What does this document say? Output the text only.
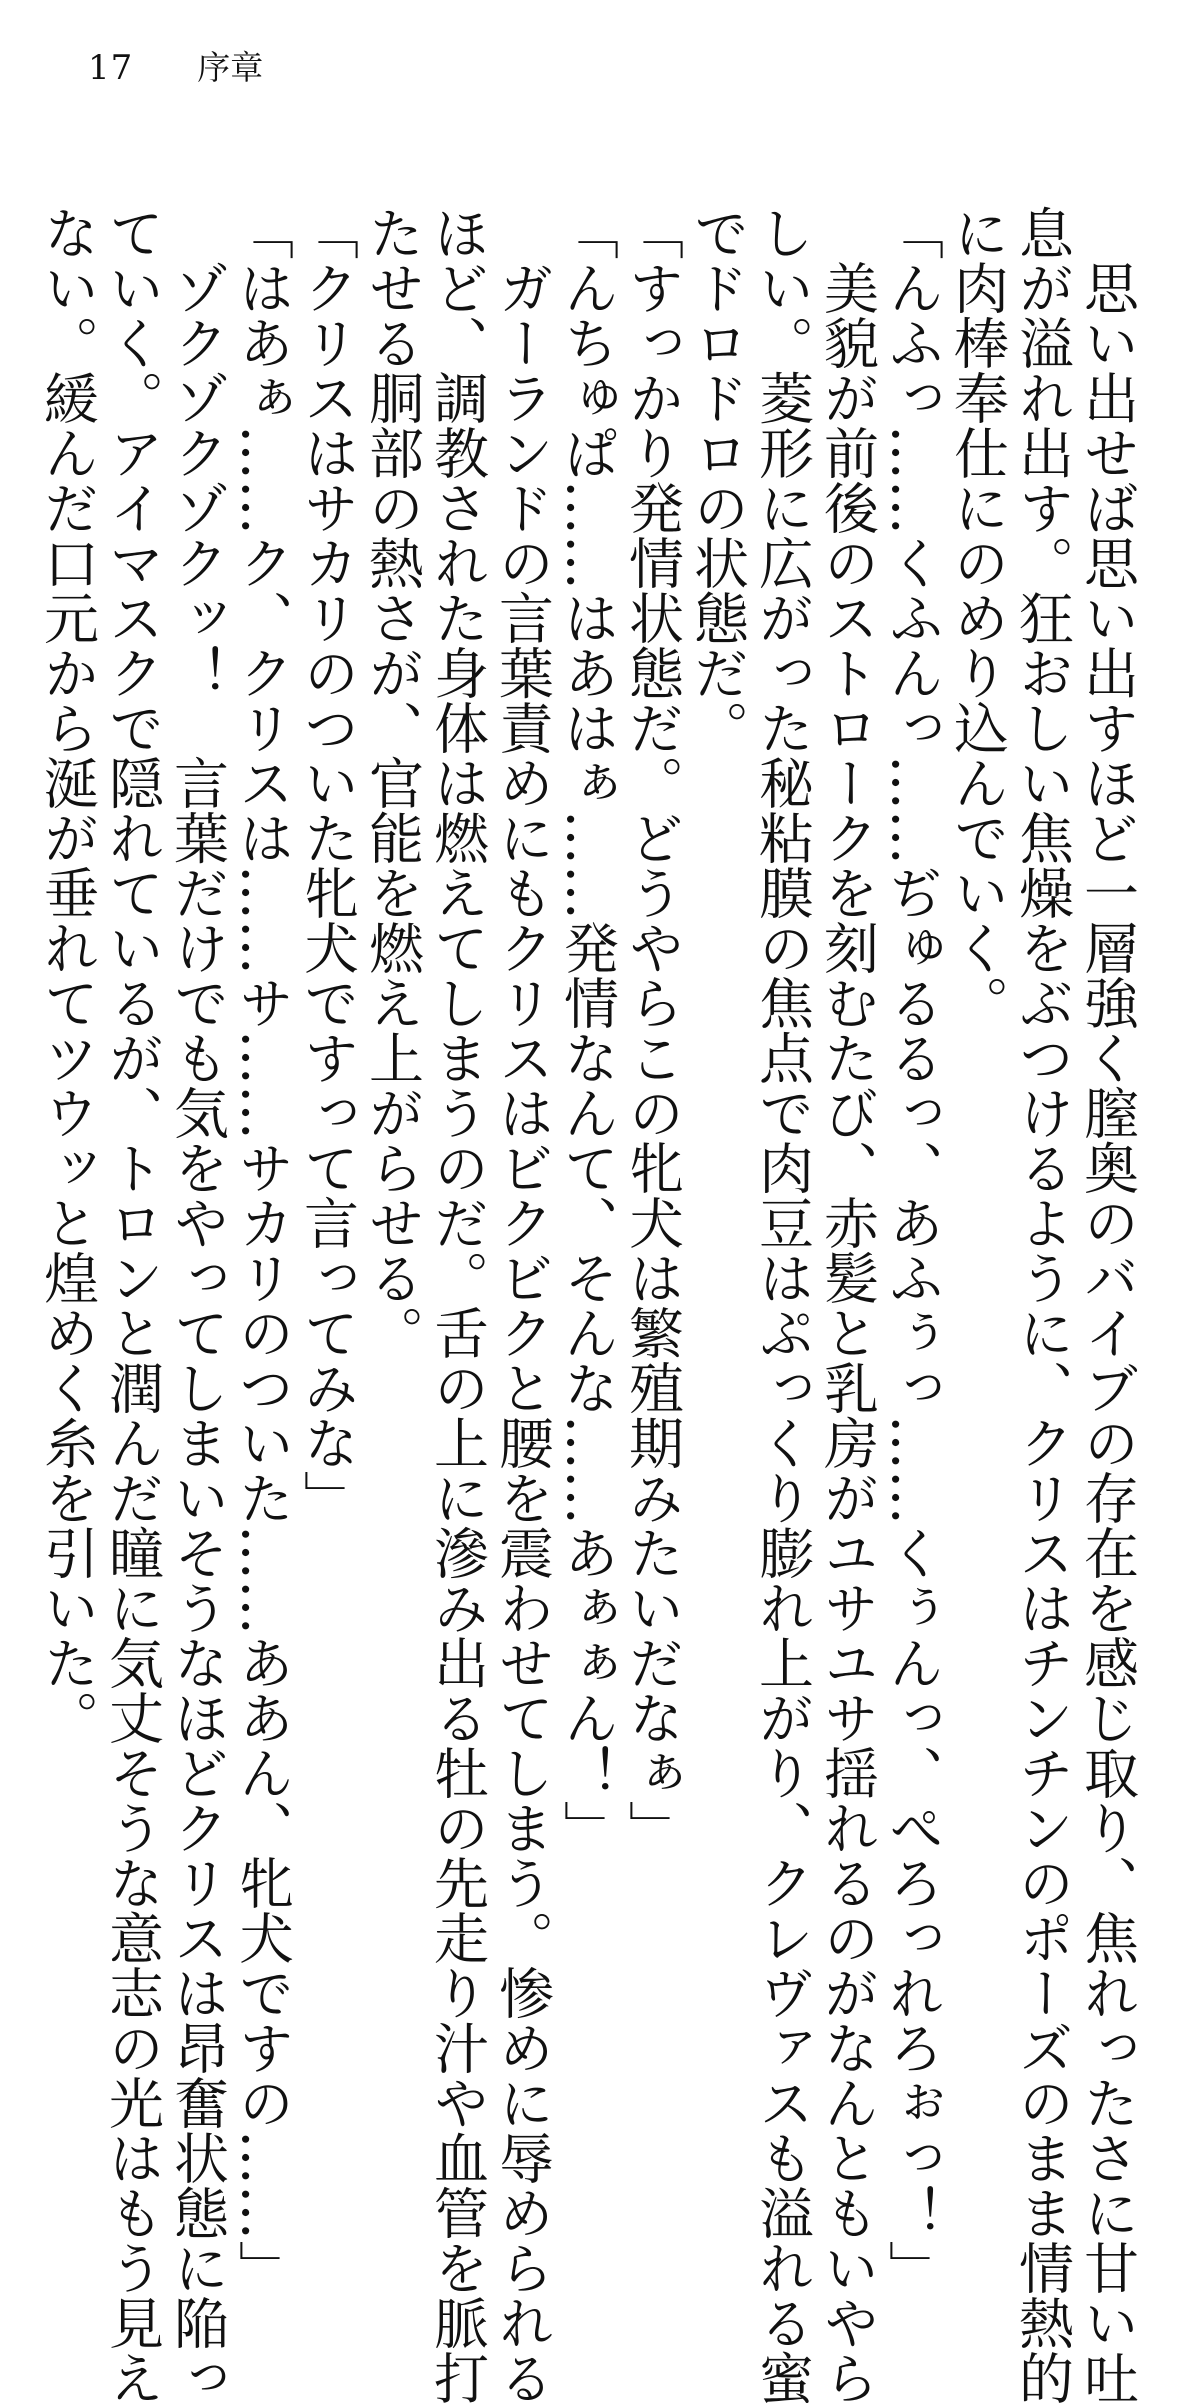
17 序章
　思い出せば思い出すほど一層強く膣奥のバイブの存在を感じ取り、焦れったさに甘い吐
息が溢れ出す。狂おしい焦燥をぶつけるように、クリスはチンチンのポーズのまま情熱的
に肉棒奉仕にのめり込んでいく。
「んふっ……くふんっ……ぢゅるるっ、あふぅっ……くぅんっ、ぺろっれろぉっ！」
　美貌が前後のストロークを刻むたび、赤髪と乳房がユサユサ揺れるのがなんともいやら
しい。菱形に広がった秘粘膜の焦点で肉豆はぷっくり膨れ上がり、クレヴァスも溢れる蜜
でドロドロの状態だ。
「すっかり発情状態だ。どうやらこの牝犬は繁殖期みたいだなぁ」
「んちゅぱ……はあはぁ……発情なんて、そんな……あぁぁん！」
　ガーランドの言葉責めにもクリスはビクビクと腰を震わせてしまう。惨めに辱められる
ほど、調教された身体は燃えてしまうのだ。舌の上に滲み出る牡の先走り汁や血管を脈打
たせる胴部の熱さが、官能を燃え上がらせる。
「クリスはサカリのついた牝犬ですって言ってみな」
「はあぁ……ク、クリスは……サ……サカリのついた……ああん、牝犬ですの……」
　ゾクゾクゾクッ！　言葉だけでも気をやってしまいそうなほどクリスは昂奮状態に陥っ
ていく。アイマスクで隠れているが、トロンと潤んだ瞳に気丈そうな意志の光はもう見え
ない。緩んだ口元から涎が垂れてツウッと煌めく糸を引いた。
